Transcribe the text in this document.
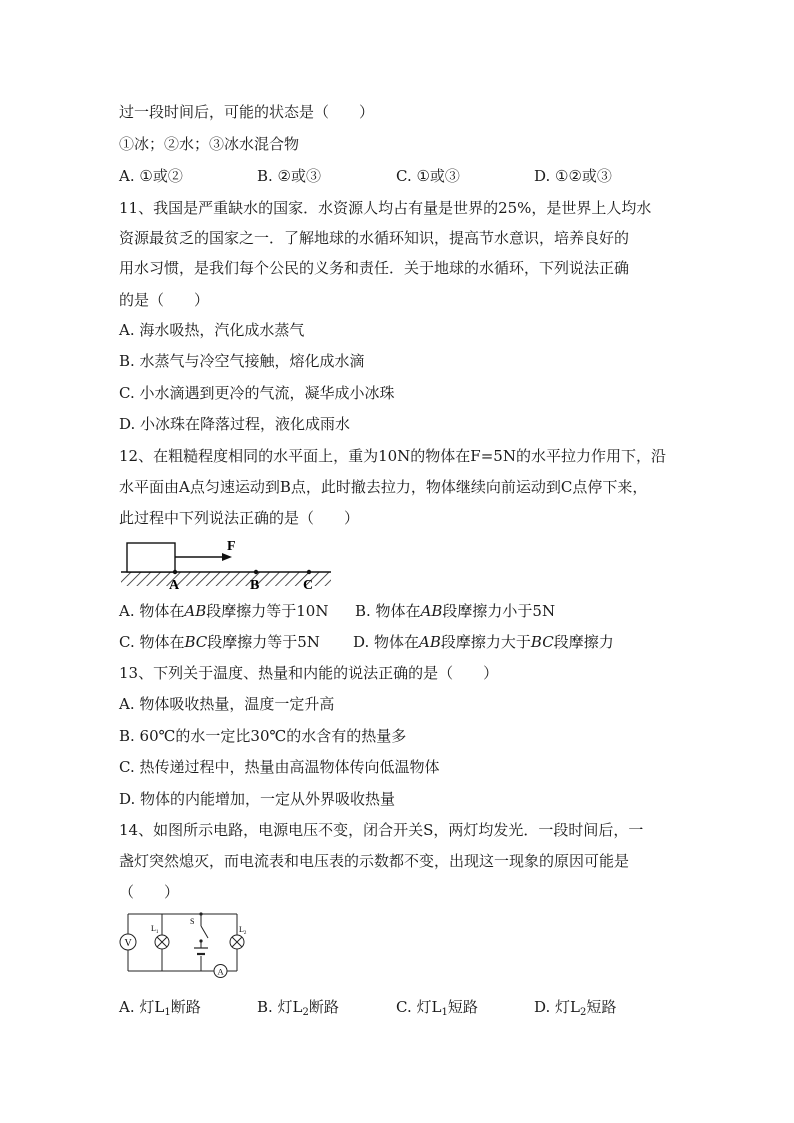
过一段时间后，可能的状态是（　　）
①冰；②水；③冰水混合物
A. ①或②	B. ②或③	C. ①或③	D. ①②或③
11、我国是严重缺水的国家．水资源人均占有量是世界的25%，是世界上人均水
资源最贫乏的国家之一．了解地球的水循环知识，提高节水意识，培养良好的
用水习惯，是我们每个公民的义务和责任．关于地球的水循环，下列说法正确
的是（　　）
A. 海水吸热，汽化成水蒸气
B. 水蒸气与冷空气接触，熔化成水滴
C. 小水滴遇到更冷的气流，凝华成小冰珠
D. 小冰珠在降落过程，液化成雨水
12、在粗糙程度相同的水平面上，重为10N的物体在F=5N的水平拉力作用下，沿
水平面由A点匀速运动到B点，此时撤去拉力，物体继续向前运动到C点停下来，
此过程中下列说法正确的是（　　）
F
A	B	C
A. 物体在AB段摩擦力等于10N B. 物体在AB段摩擦力小于5N
C. 物体在BC段摩擦力等于5N D. 物体在AB段摩擦力大于BC段摩擦力
13、下列关于温度、热量和内能的说法正确的是（　　）
A. 物体吸收热量，温度一定升高
B. 60℃的水一定比30℃的水含有的热量多
C. 热传递过程中，热量由高温物体传向低温物体
D. 物体的内能增加，一定从外界吸收热量
14、如图所示电路，电源电压不变，闭合开关S，两灯均发光．一段时间后，一
盏灯突然熄灭，而电流表和电压表的示数都不变，出现这一现象的原因可能是
（　　）
V
$L_1$	$L_2$
S
A
A. 灯$L_1$断路	B. 灯$L_2$断路	C. 灯$L_1$短路	D. 灯$L_2$短路
